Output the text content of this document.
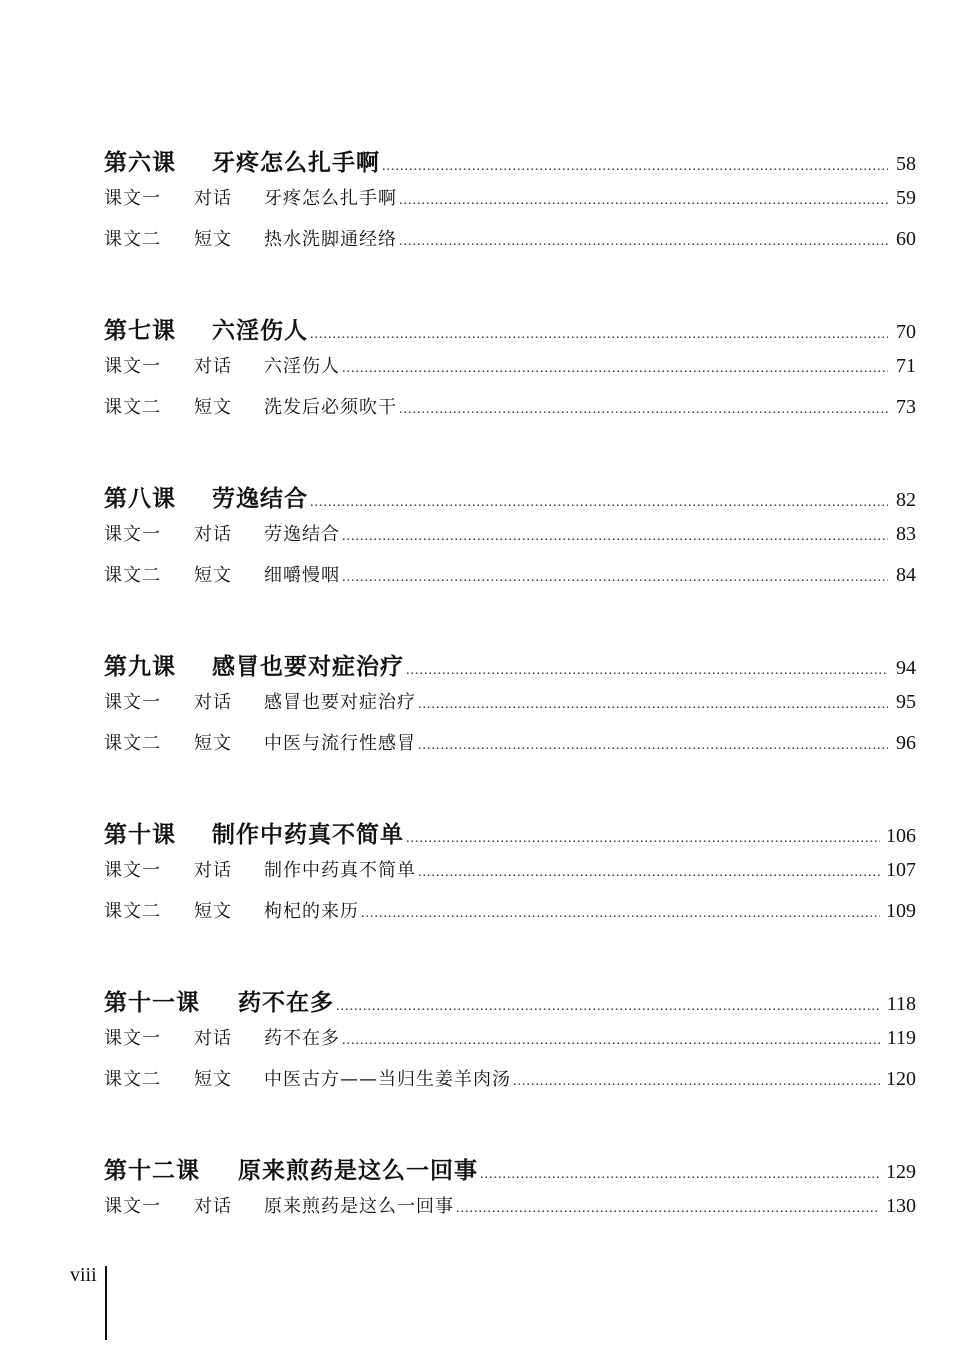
第六课	牙疼怎么扎手啊 .....	58
课文一	对话	牙疼怎么扎手啊 .....	59
课文二	短文	热水洗脚通经络 .....	60
第七课	六淫伤人 .....	70
课文一	对话	六淫伤人 .....	71
课文二	短文	洗发后必须吹干 .....	73
第八课	劳逸结合 .....	82
课文一	对话	劳逸结合 .....	83
课文二	短文	细嚼慢咽 .....	84
第九课	感冒也要对症治疗 .....	94
课文一	对话	感冒也要对症治疗 .....	95
课文二	短文	中医与流行性感冒 .....	96
第十课	制作中药真不简单 .....	106
课文一	对话	制作中药真不简单 .....	107
课文二	短文	枸杞的来历 .....	109
第十一课	药不在多 .....	118
课文一	对话	药不在多 .....	119
课文二	短文	中医古方——当归生姜羊肉汤 .....	120
第十二课	原来煎药是这么一回事 .....	129
课文一	对话	原来煎药是这么一回事 .....	130
viii
